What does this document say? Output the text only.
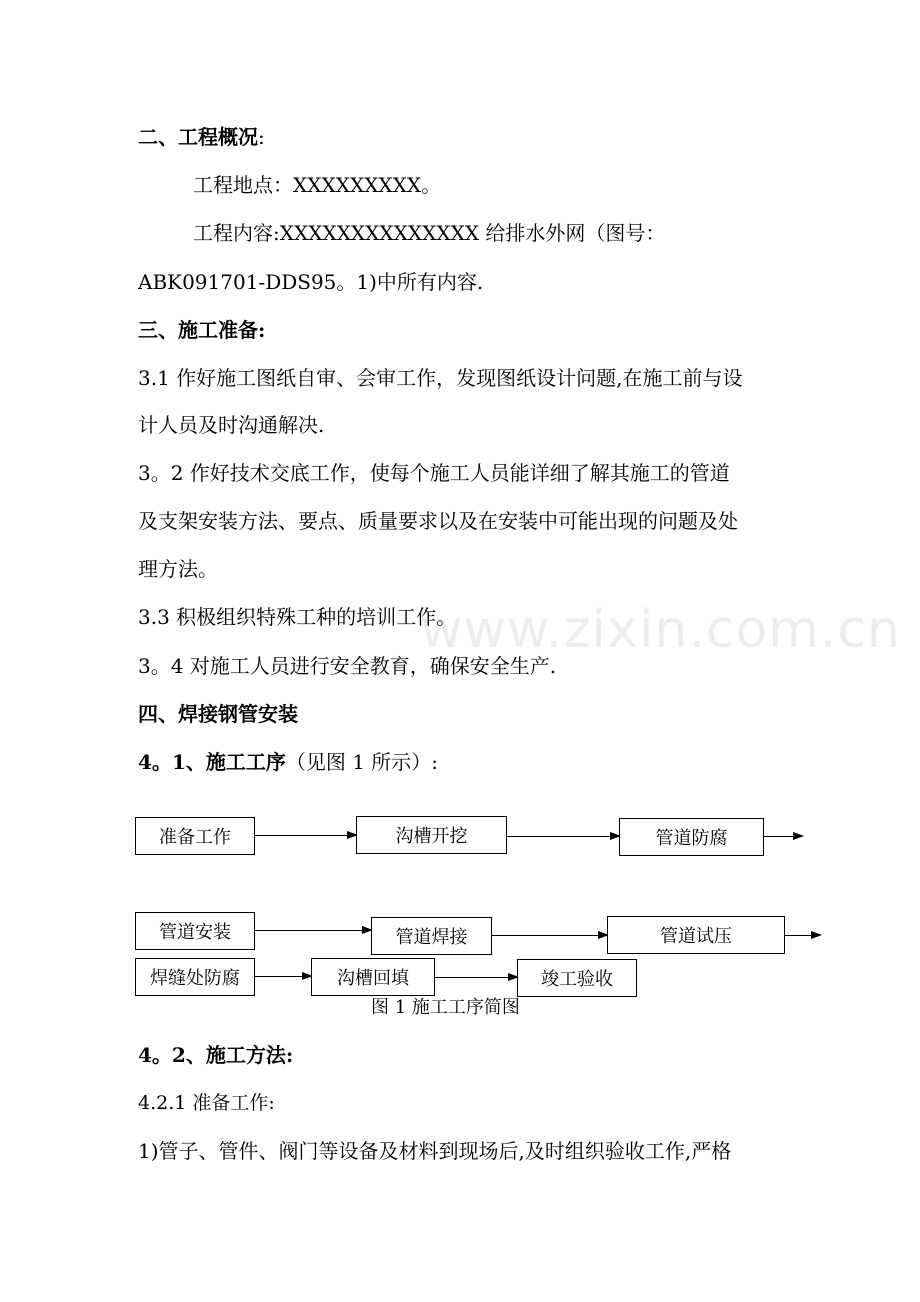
www.zixin.com.cn
二、工程概况:
工程地点：XXXXXXXXX。
工程内容:XXXXXXXXXXXXXX 给排水外网（图号：
ABK091701-DDS95。1)中所有内容.
三、施工准备:
3.1 作好施工图纸自审、会审工作，发现图纸设计问题,在施工前与设
计人员及时沟通解决.
3。2 作好技术交底工作，使每个施工人员能详细了解其施工的管道
及支架安装方法、要点、质量要求以及在安装中可能出现的问题及处
理方法。
3.3 积极组织特殊工种的培训工作。
3。4 对施工人员进行安全教育，确保安全生产.
四、焊接钢管安装
4。1、施工工序（见图 1 所示）:
准备工作	沟槽开挖	管道防腐
管道安装	管道焊接	管道试压
焊缝处防腐	沟槽回填	竣工验收
图 1 施工工序简图
4。2、施工方法:
4.2.1 准备工作:
1)管子、管件、阀门等设备及材料到现场后,及时组织验收工作,严格
